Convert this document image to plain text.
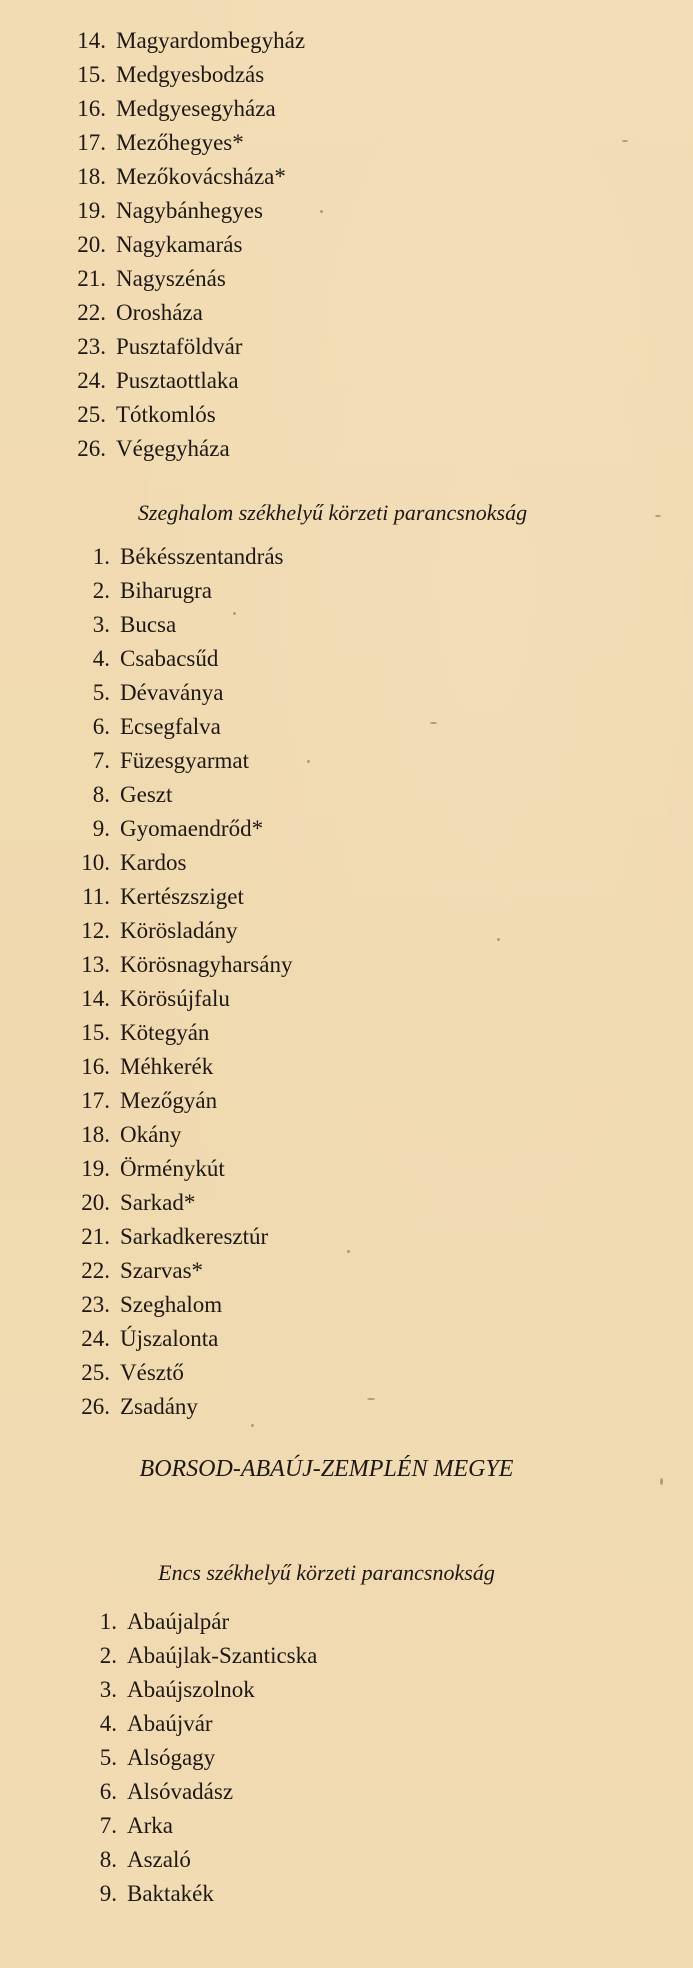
14. Magyardombegyház
15. Medgyesbodzás
16. Medgyesegyháza
17. Mezőhegyes*
18. Mezőkovácsháza*
19. Nagybánhegyes
20. Nagykamarás
21. Nagyszénás
22. Orosháza
23. Pusztaföldvár
24. Pusztaottlaka
25. Tótkomlós
26. Végegyháza
Szeghalom székhelyű körzeti parancsnokság
1. Békésszentandrás
2. Biharugra
3. Bucsa
4. Csabacsűd
5. Dévaványa
6. Ecsegfalva
7. Füzesgyarmat
8. Geszt
9. Gyomaendrőd*
10. Kardos
11. Kertészsziget
12. Körösladány
13. Körösnagyharsány
14. Körösújfalu
15. Kötegyán
16. Méhkerék
17. Mezőgyán
18. Okány
19. Örménykút
20. Sarkad*
21. Sarkadkeresztúr
22. Szarvas*
23. Szeghalom
24. Újszalonta
25. Vésztő
26. Zsadány
BORSOD-ABAÚJ-ZEMPLÉN MEGYE
Encs székhelyű körzeti parancsnokság
1. Abaújalpár
2. Abaújlak-Szanticska
3. Abaújszolnok
4. Abaújvár
5. Alsógagy
6. Alsóvadász
7. Arka
8. Aszaló
9. Baktakék
